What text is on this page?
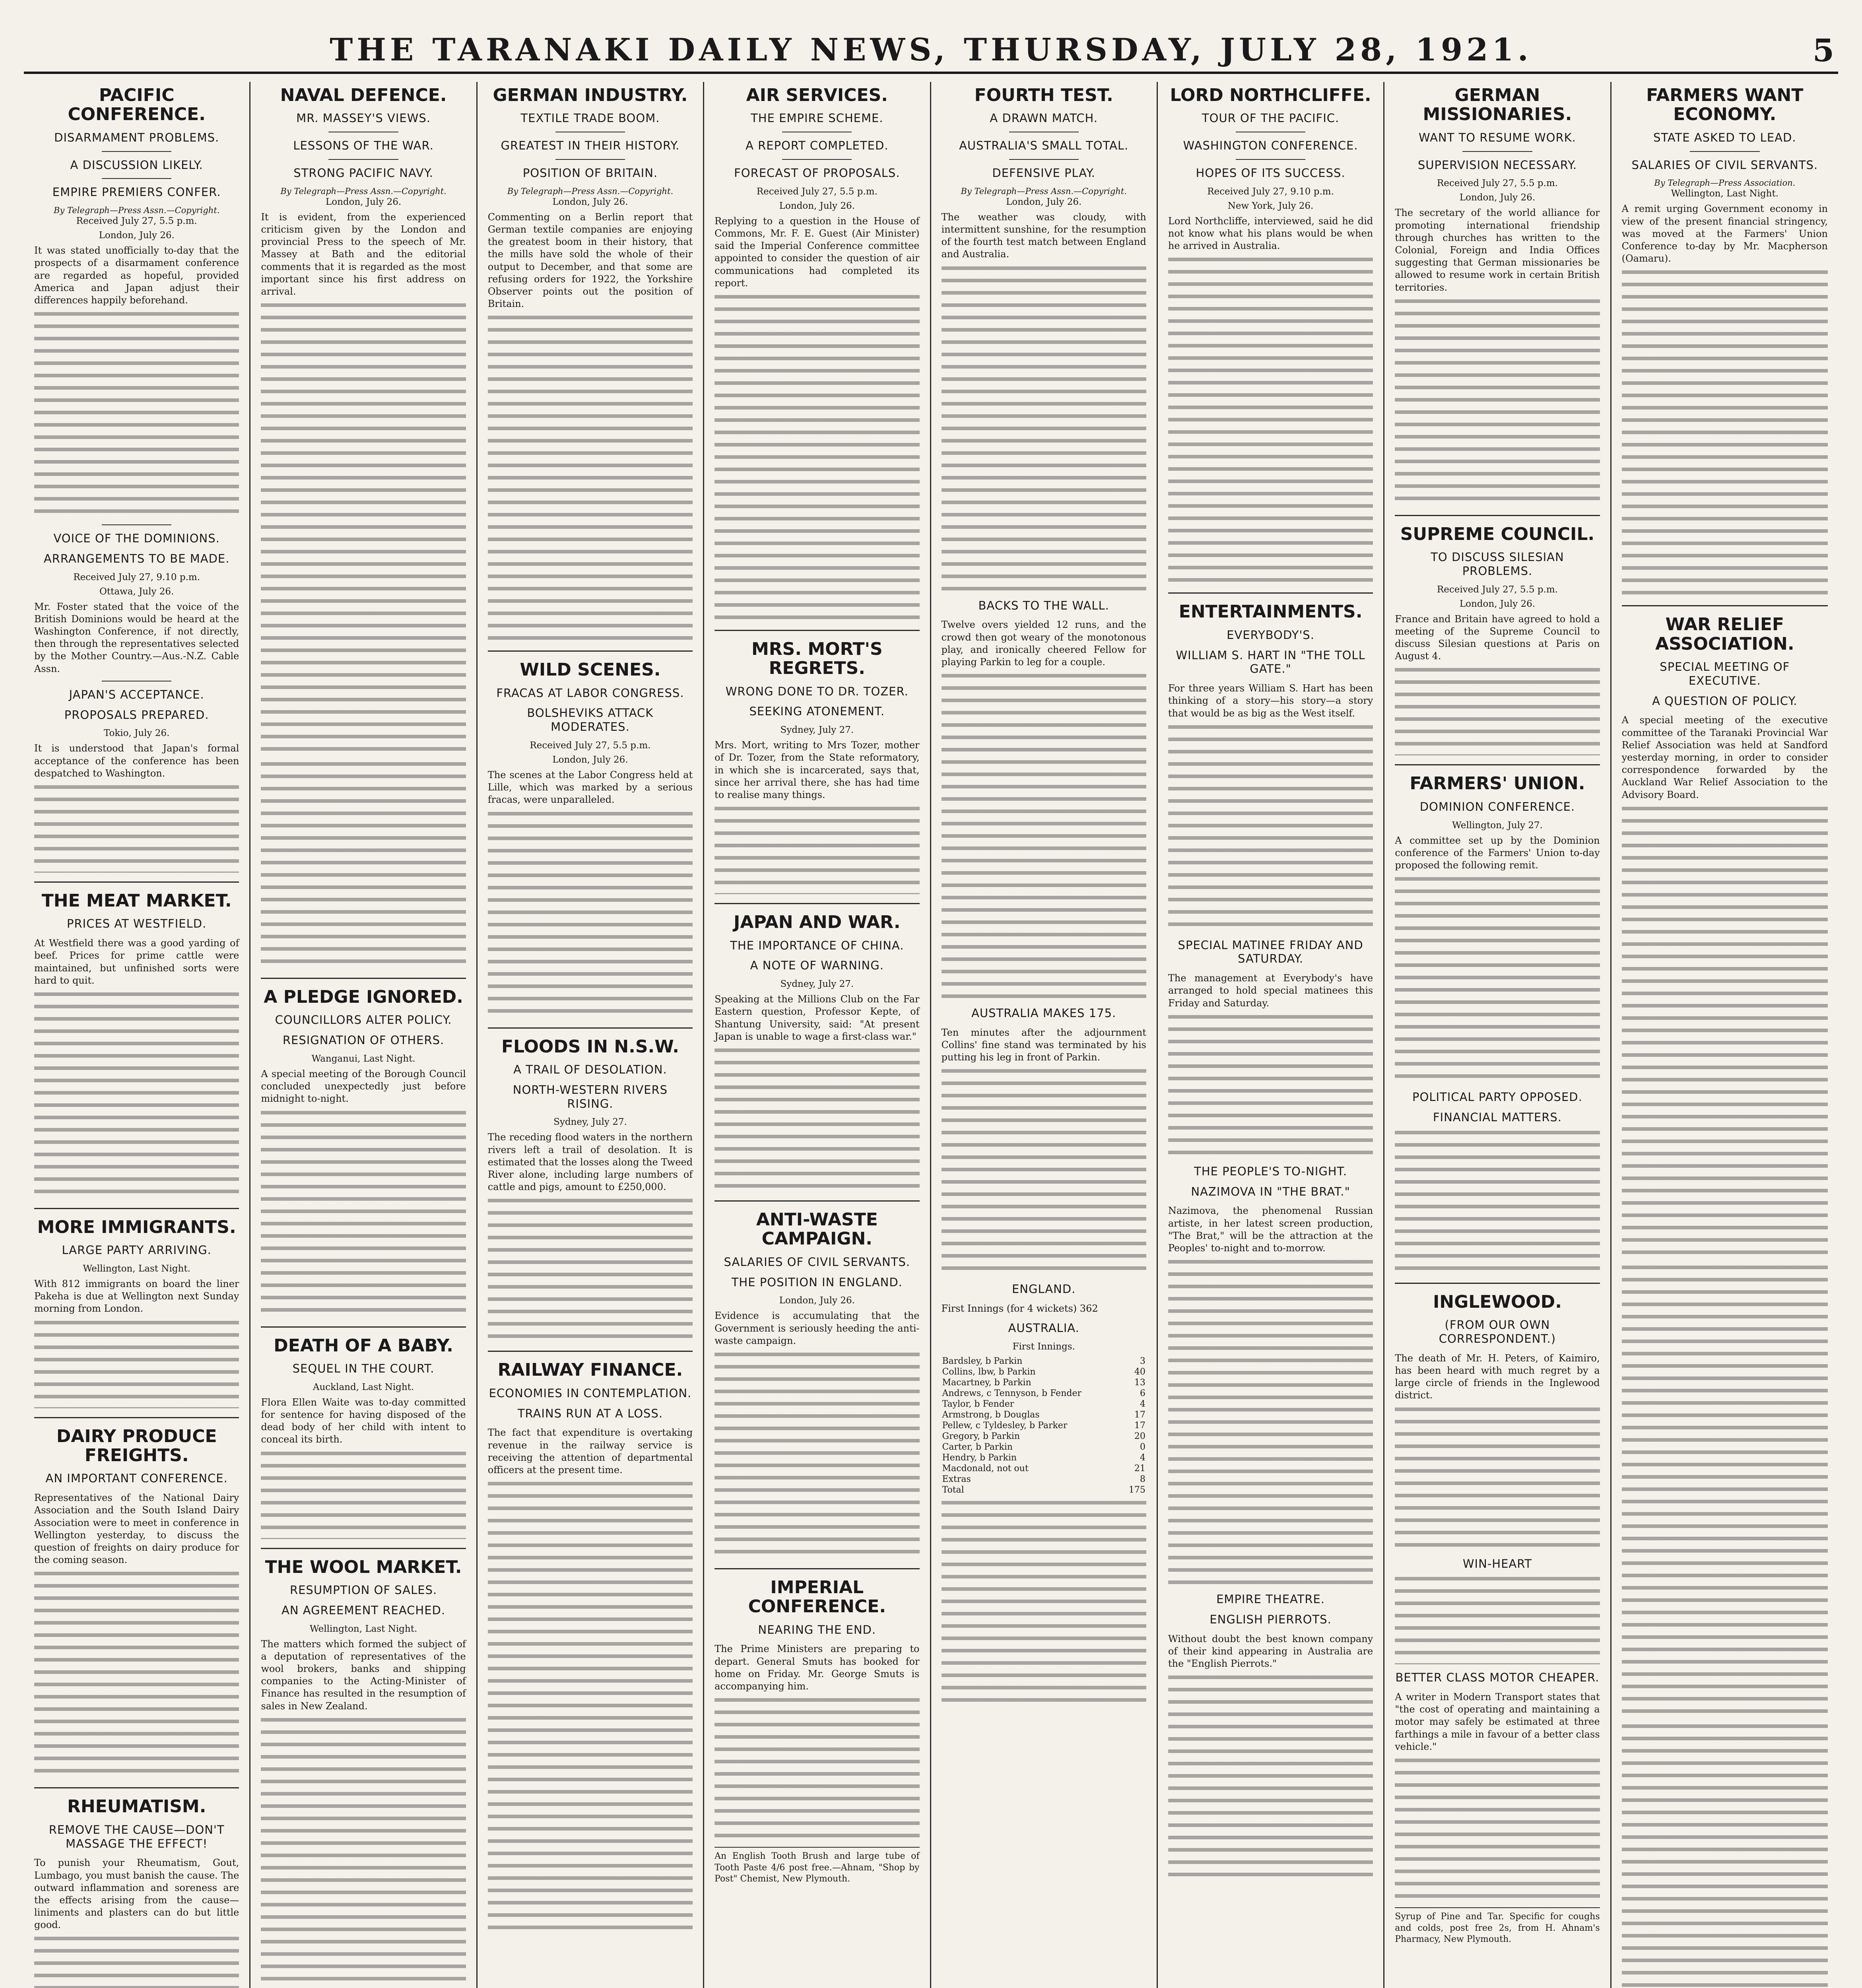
THE TARANAKI DAILY NEWS, THURSDAY, JULY 28, 1921.	5
PACIFIC CONFERENCE.
DISARMAMENT PROBLEMS.
A DISCUSSION LIKELY.
EMPIRE PREMIERS CONFER.
By Telegraph—Press Assn.—Copyright.
Received July 27, 5.5 p.m.
London, July 26.

It was stated unofficially to-day that the prospects of a disarmament conference are regarded as hopeful, provided America and Japan adjust their differences happily beforehand.

VOICE OF THE DOMINIONS.
ARRANGEMENTS TO BE MADE.
Received July 27, 9.10 p.m.
Ottawa, July 26.

Mr. Foster stated that the voice of the British Dominions would be heard at the Washington Conference, if not directly, then through the representatives selected by the Mother Country.—Aus.-N.Z. Cable Assn.

JAPAN'S ACCEPTANCE.
PROPOSALS PREPARED.
Tokio, July 26.

It is understood that Japan's formal acceptance of the conference has been despatched to Washington.

THE MEAT MARKET.
PRICES AT WESTFIELD.

At Westfield there was a good yarding of beef. Prices for prime cattle were maintained, but unfinished sorts were hard to quit.

MORE IMMIGRANTS.
LARGE PARTY ARRIVING.
Wellington, Last Night.

With 812 immigrants on board the liner Pakeha is due at Wellington next Sunday morning from London.

DAIRY PRODUCE FREIGHTS.
AN IMPORTANT CONFERENCE.

Representatives of the National Dairy Association and the South Island Dairy Association were to meet in conference in Wellington yesterday, to discuss the question of freights on dairy produce for the coming season.

RHEUMATISM.
REMOVE THE CAUSE—DON'T MASSAGE THE EFFECT!

To punish your Rheumatism, Gout, Lumbago, you must banish the cause. The outward inflammation and soreness are the effects arising from the cause—liniments and plasters can do but little good.

NAVAL DEFENCE.
MR. MASSEY'S VIEWS.
LESSONS OF THE WAR.
STRONG PACIFIC NAVY.
By Telegraph—Press Assn.—Copyright.
London, July 26.

It is evident, from the experienced criticism given by the London and provincial Press to the speech of Mr. Massey at Bath and the editorial comments that it is regarded as the most important since his first address on arrival.

A PLEDGE IGNORED.
COUNCILLORS ALTER POLICY.
RESIGNATION OF OTHERS.
Wanganui, Last Night.

A special meeting of the Borough Council concluded unexpectedly just before midnight to-night.

DEATH OF A BABY.
SEQUEL IN THE COURT.
Auckland, Last Night.

Flora Ellen Waite was to-day committed for sentence for having disposed of the dead body of her child with intent to conceal its birth.

THE WOOL MARKET.
RESUMPTION OF SALES.
AN AGREEMENT REACHED.
Wellington, Last Night.

The matters which formed the subject of a deputation of representatives of the wool brokers, banks and shipping companies to the Acting-Minister of Finance has resulted in the resumption of sales in New Zealand.

GERMAN INDUSTRY.
TEXTILE TRADE BOOM.
GREATEST IN THEIR HISTORY.
POSITION OF BRITAIN.
By Telegraph—Press Assn.—Copyright.
London, July 26.

Commenting on a Berlin report that German textile companies are enjoying the greatest boom in their history, that the mills have sold the whole of their output to December, and that some are refusing orders for 1922, the Yorkshire Observer points out the position of Britain.

WILD SCENES.
FRACAS AT LABOR CONGRESS.
BOLSHEVIKS ATTACK MODERATES.
Received July 27, 5.5 p.m.
London, July 26.

The scenes at the Labor Congress held at Lille, which was marked by a serious fracas, were unparalleled.

FLOODS IN N.S.W.
A TRAIL OF DESOLATION.
NORTH-WESTERN RIVERS RISING.
Sydney, July 27.

The receding flood waters in the northern rivers left a trail of desolation. It is estimated that the losses along the Tweed River alone, including large numbers of cattle and pigs, amount to £250,000.

RAILWAY FINANCE.
ECONOMIES IN CONTEMPLATION.
TRAINS RUN AT A LOSS.

The fact that expenditure is overtaking revenue in the railway service is receiving the attention of departmental officers at the present time.

AIR SERVICES.
THE EMPIRE SCHEME.
A REPORT COMPLETED.
FORECAST OF PROPOSALS.
Received July 27, 5.5 p.m.
London, July 26.

Replying to a question in the House of Commons, Mr. F. E. Guest (Air Minister) said the Imperial Conference committee appointed to consider the question of air communications had completed its report.

MRS. MORT'S REGRETS.
WRONG DONE TO DR. TOZER.
SEEKING ATONEMENT.
Sydney, July 27.

Mrs. Mort, writing to Mrs Tozer, mother of Dr. Tozer, from the State reformatory, in which she is incarcerated, says that, since her arrival there, she has had time to realise many things.

JAPAN AND WAR.
THE IMPORTANCE OF CHINA.
A NOTE OF WARNING.
Sydney, July 27.

Speaking at the Millions Club on the Far Eastern question, Professor Kepte, of Shantung University, said: "At present Japan is unable to wage a first-class war."

ANTI-WASTE CAMPAIGN.
SALARIES OF CIVIL SERVANTS.
THE POSITION IN ENGLAND.
London, July 26.

Evidence is accumulating that the Government is seriously heeding the anti-waste campaign.

IMPERIAL CONFERENCE.
NEARING THE END.

The Prime Ministers are preparing to depart. General Smuts has booked for home on Friday. Mr. George Smuts is accompanying him.

An English Tooth Brush and large tube of Tooth Paste 4/6 post free.—Ahnam, "Shop by Post" Chemist, New Plymouth.
FOURTH TEST.
A DRAWN MATCH.
AUSTRALIA'S SMALL TOTAL.
DEFENSIVE PLAY.
By Telegraph—Press Assn.—Copyright.
London, July 26.

The weather was cloudy, with intermittent sunshine, for the resumption of the fourth test match between England and Australia.

BACKS TO THE WALL.

Twelve overs yielded 12 runs, and the crowd then got weary of the monotonous play, and ironically cheered Fellow for playing Parkin to leg for a couple.

AUSTRALIA MAKES 175.

Ten minutes after the adjournment Collins' fine stand was terminated by his putting his leg in front of Parkin.

ENGLAND.
First Innings (for 4 wickets) 362
AUSTRALIA.
First Innings.
Bardsley, b Parkin	3
Collins, lbw, b Parkin	40
Macartney, b Parkin	13
Andrews, c Tennyson, b Fender	6
Taylor, b Fender	4
Armstrong, b Douglas	17
Pellew, c Tyldesley, b Parker	17
Gregory, b Parkin	20
Carter, b Parkin	0
Hendry, b Parkin	4
Macdonald, not out	21
Extras	8
Total	175
LORD NORTHCLIFFE.
TOUR OF THE PACIFIC.
WASHINGTON CONFERENCE.
HOPES OF ITS SUCCESS.
Received July 27, 9.10 p.m.
New York, July 26.

Lord Northcliffe, interviewed, said he did not know what his plans would be when he arrived in Australia.

ENTERTAINMENTS.
EVERYBODY'S.
WILLIAM S. HART IN "THE TOLL GATE."

For three years William S. Hart has been thinking of a story—his story—a story that would be as big as the West itself.

SPECIAL MATINEE FRIDAY AND SATURDAY.

The management at Everybody's have arranged to hold special matinees this Friday and Saturday.

THE PEOPLE'S TO-NIGHT.
NAZIMOVA IN "THE BRAT."

Nazimova, the phenomenal Russian artiste, in her latest screen production, "The Brat," will be the attraction at the Peoples' to-night and to-morrow.

EMPIRE THEATRE.
ENGLISH PIERROTS.

Without doubt the best known company of their kind appearing in Australia are the "English Pierrots."

GERMAN MISSIONARIES.
WANT TO RESUME WORK.
SUPERVISION NECESSARY.
Received July 27, 5.5 p.m.
London, July 26.

The secretary of the world alliance for promoting international friendship through churches has written to the Colonial, Foreign and India Offices suggesting that German missionaries be allowed to resume work in certain British territories.

SUPREME COUNCIL.
TO DISCUSS SILESIAN PROBLEMS.
Received July 27, 5.5 p.m.
London, July 26.

France and Britain have agreed to hold a meeting of the Supreme Council to discuss Silesian questions at Paris on August 4.

FARMERS' UNION.
DOMINION CONFERENCE.
Wellington, July 27.

A committee set up by the Dominion conference of the Farmers' Union to-day proposed the following remit.

POLITICAL PARTY OPPOSED.
FINANCIAL MATTERS.
INGLEWOOD.
(FROM OUR OWN CORRESPONDENT.)

The death of Mr. H. Peters, of Kaimiro, has been heard with much regret by a large circle of friends in the Inglewood district.

WIN-HEART
BETTER CLASS MOTOR CHEAPER.

A writer in Modern Transport states that "the cost of operating and maintaining a motor may safely be estimated at three farthings a mile in favour of a better class vehicle."

Syrup of Pine and Tar. Specific for coughs and colds, post free 2s, from H. Ahnam's Pharmacy, New Plymouth.
FARMERS WANT ECONOMY.
STATE ASKED TO LEAD.
SALARIES OF CIVIL SERVANTS.
By Telegraph—Press Association.
Wellington, Last Night.

A remit urging Government economy in view of the present financial stringency, was moved at the Farmers' Union Conference to-day by Mr. Macpherson (Oamaru).

WAR RELIEF ASSOCIATION.
SPECIAL MEETING OF EXECUTIVE.
A QUESTION OF POLICY.

A special meeting of the executive committee of the Taranaki Provincial War Relief Association was held at Sandford yesterday morning, in order to consider correspondence forwarded by the Auckland War Relief Association to the Advisory Board.
